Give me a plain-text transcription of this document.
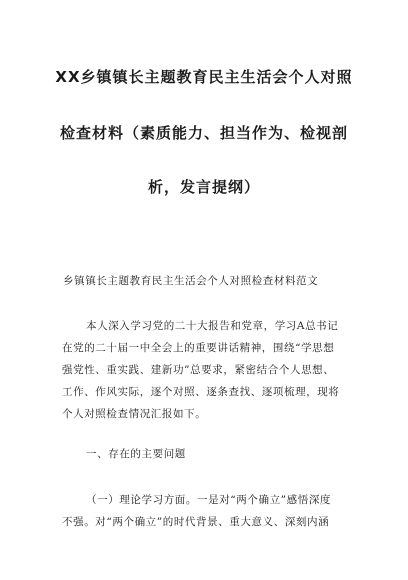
XX乡镇镇长主题教育民主生活会个人对照
检查材料（素质能力、担当作为、检视剖
析，发言提纲）
乡镇镇长主题教育民主生活会个人对照检查材料范文
本人深入学习党的二十大报告和党章，学习A总书记
在党的二十届一中全会上的重要讲话精神，围绕“学思想
强党性、重实践、建新功”总要求，紧密结合个人思想、
工作、作风实际，逐个对照、逐条查找、逐项梳理，现将
个人对照检查情况汇报如下。
一、存在的主要问题
（一）理论学习方面。一是对“两个确立”感悟深度
不强。对“两个确立”的时代背景、重大意义、深刻内涵
